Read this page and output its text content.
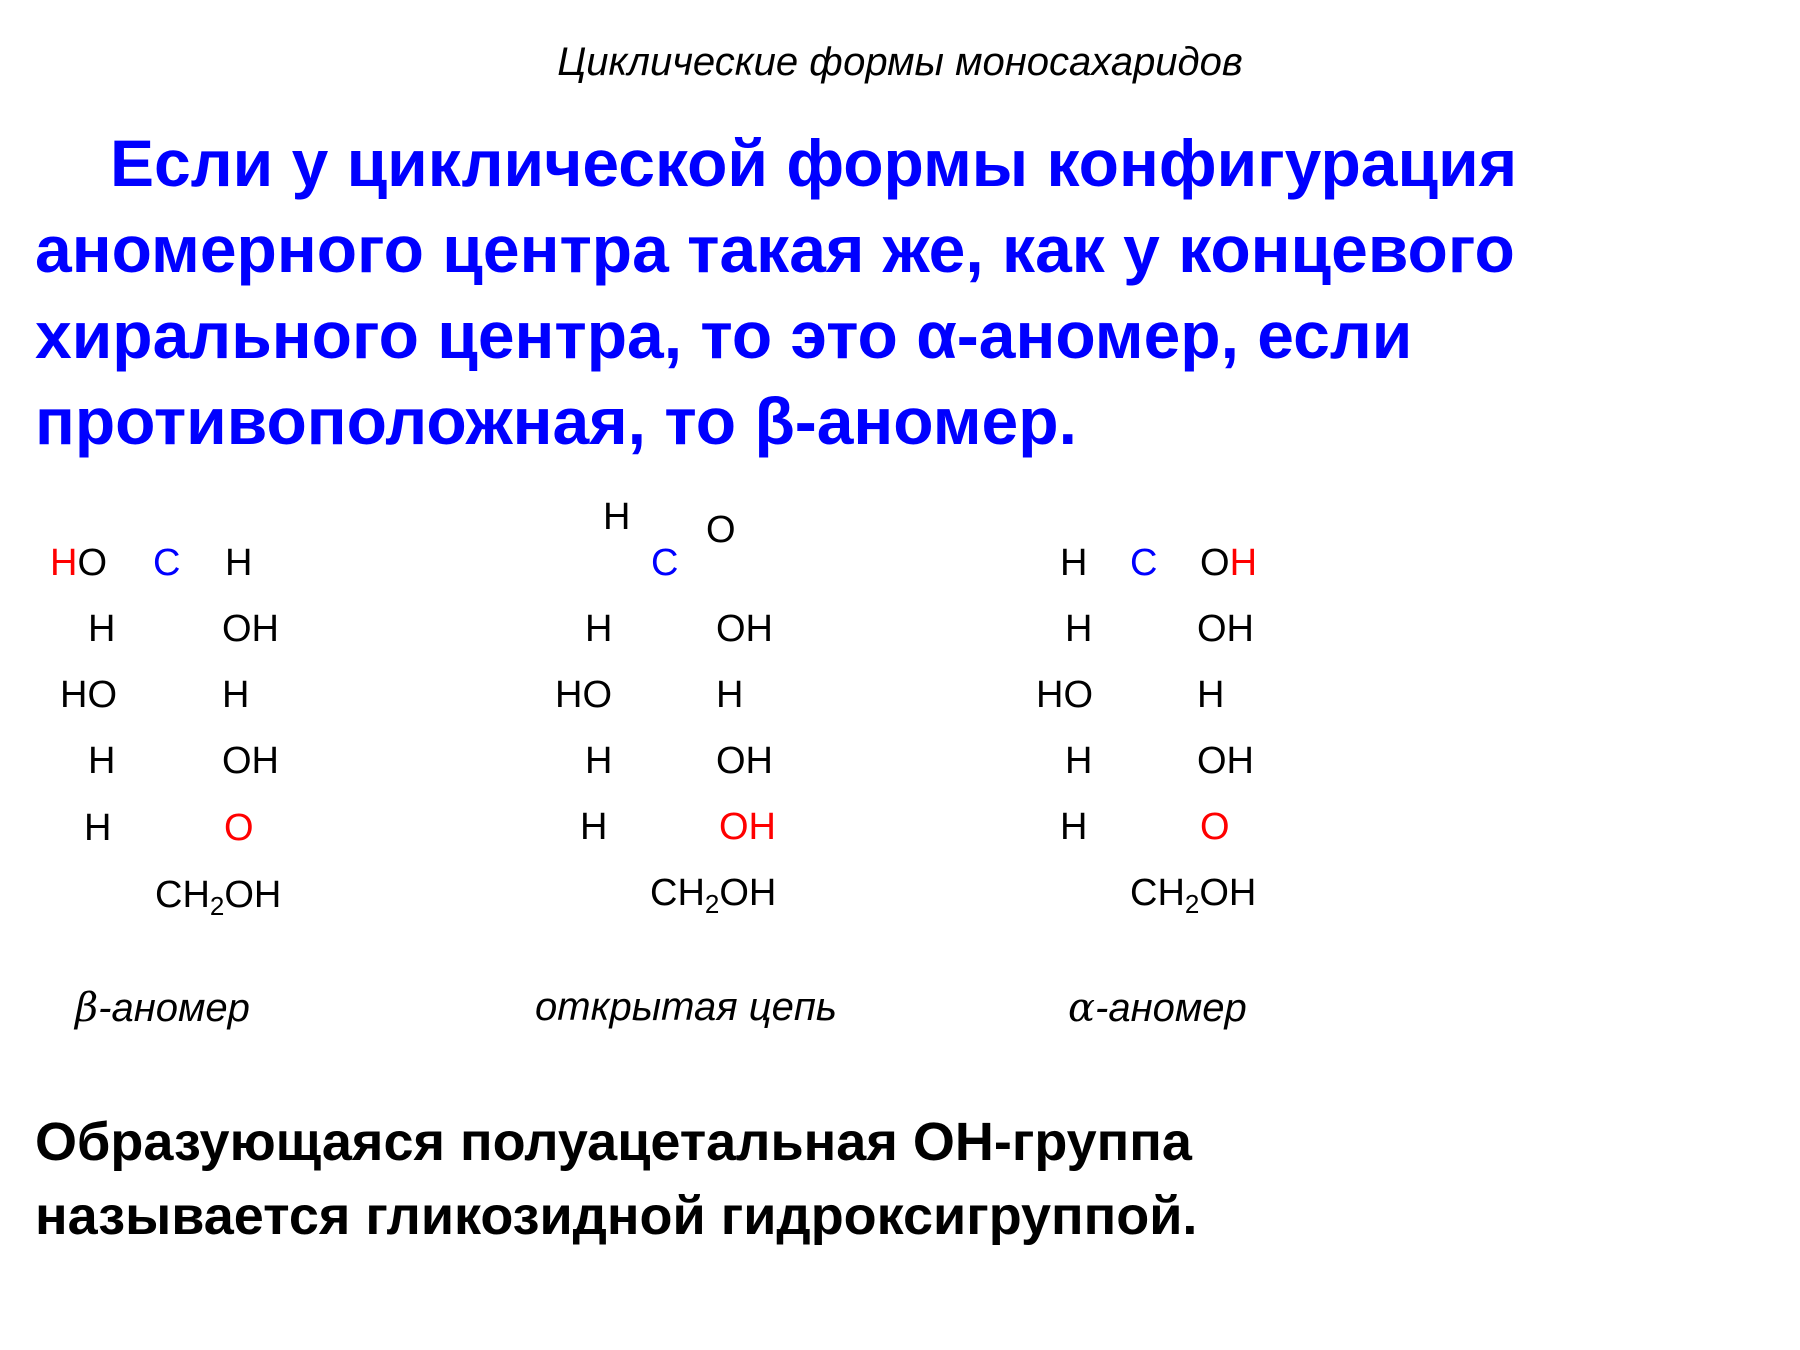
Циклические формы моносахаридов
Если у циклической формы конфигурация
аномерного центра такая же, как у концевого
хирального центра, то это α-аномер, если
противоположная, то β-аномер.
HO C H
H	OH
HO	H
H	OH
H	O
$CH_2OH$
H O
C
H	OH
HO	H
H	OH
H	OH
$CH_2OH$
H C OH
H	OH
HO	H
H	OH
H	O
$CH_2OH$
β-аномер	открытая цепь	α-аномер
Образующаяся полуацетальная ОН-группа
называется гликозидной гидроксигруппой.
